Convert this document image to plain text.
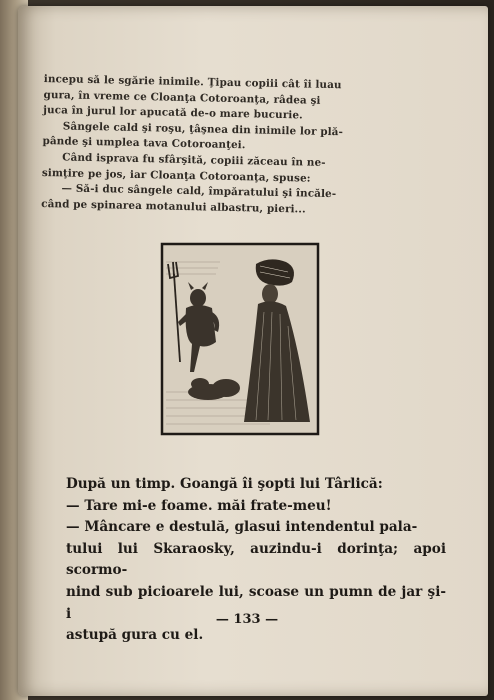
incepu să le sgărie inimile. Ţipau copiii cât îi luau

gura, în vreme ce Cloanţa Cotoroanţa, râdea şi

juca în jurul lor apucată de-o mare bucurie.

Sângele cald şi roşu, ţâşnea din inimile lor plă-

pânde şi umplea tava Cotoroanţei.

Când isprava fu sfârşită, copiii zăceau în ne-

simţire pe jos, iar Cloanţa Cotoroanţa, spuse:

— Să-i duc sângele cald, împăratului şi încăle-

când pe spinarea motanului albastru, pieri...

După un timp. Goangă îi şopti lui Târlică:

— Tare mi-e foame. măi frate-meu!

— Mâncare e destulă, glasui intendentul pala-

tului lui Skaraosky, auzindu-i dorinţa; apoi scormo-

nind sub picioarele lui, scoase un pumn de jar şi-i

astupă gura cu el.

— 133 —
